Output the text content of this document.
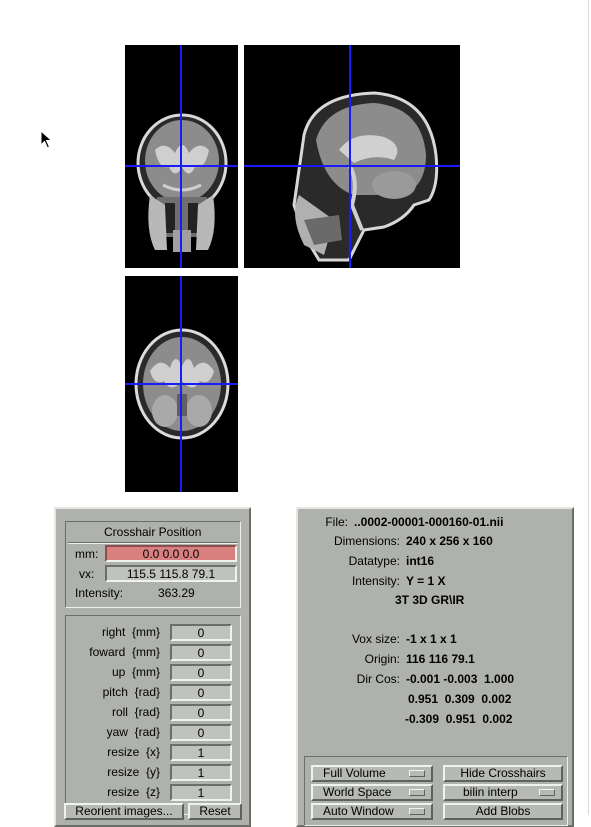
Crosshair Position
mm:	0.0 0.0 0.0
vx:	115.5 115.8 79.1
Intensity:	363.29
right  {mm}	0
foward  {mm}	0
up  {mm}	0
pitch  {rad}	0
roll  {rad}	0
yaw  {rad}	0
resize  {x}	1
resize  {y}	1
resize  {z}	1
Reorient images...	Reset
File: ..0002-00001-000160-01.nii
Dimensions: 240 x 256 x 160
Datatype: int16
Intensity: Y = 1 X
3T 3D GR\IR
Vox size: -1 x 1 x 1
Origin: 116 116 79.1
Dir Cos: -0.001 -0.003  1.000
0.951  0.309  0.002
-0.309  0.951  0.002
Full Volume	Hide Crosshairs
World Space	bilin interp
Auto Window	Add Blobs
